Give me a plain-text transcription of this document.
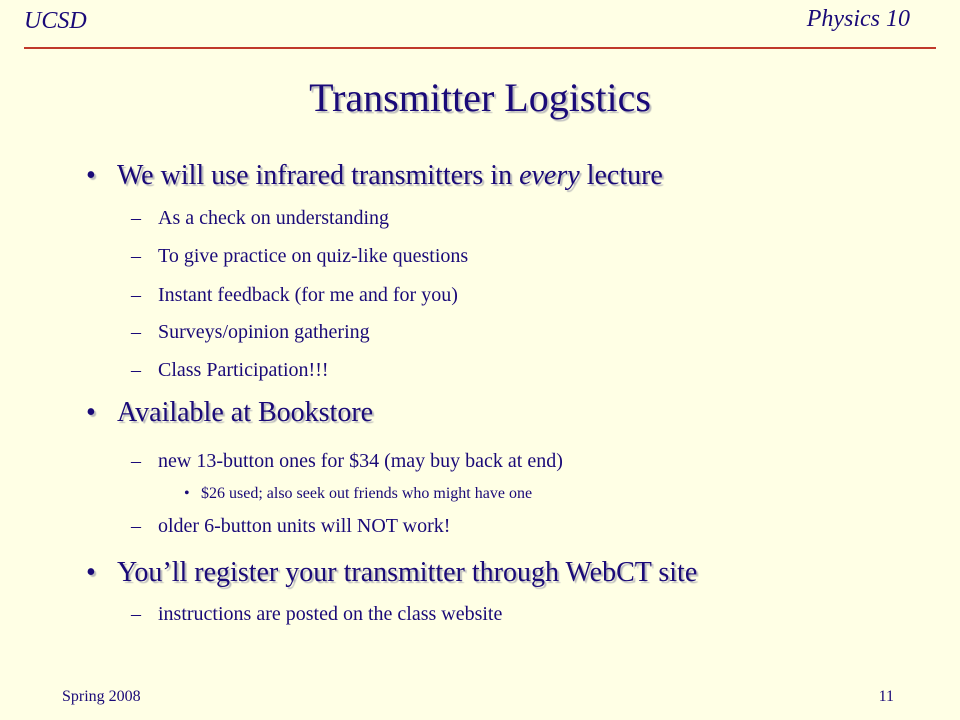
UCSD	Physics 10
Transmitter Logistics
• We will use infrared transmitters in every lecture
– As a check on understanding
– To give practice on quiz-like questions
– Instant feedback (for me and for you)
– Surveys/opinion gathering
– Class Participation!!!
• Available at Bookstore
– new 13-button ones for $34 (may buy back at end)
• $26 used; also seek out friends who might have one
– older 6-button units will NOT work!
• You’ll register your transmitter through WebCT site
– instructions are posted on the class website
Spring 2008	11
